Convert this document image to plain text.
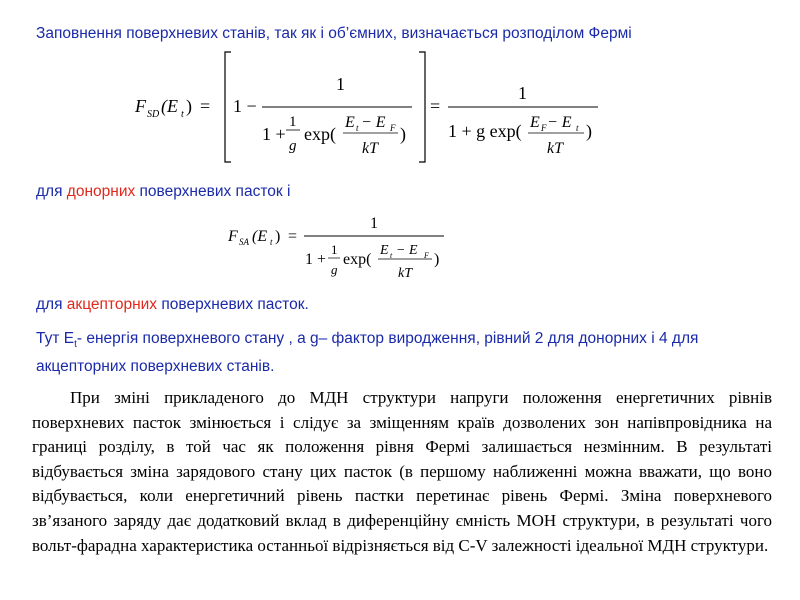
Заповнення поверхневих станів, так як і об’ємних, визначається розподілом Фермі
F SD (E t ) = 1 −
1
1 +
1
g
exp(
E t − E F
kT
)
=
1
1 + g exp( E F − E t
kT
)
для донорних поверхневих пасток і
F SA (E t ) =
1
1 +
1
g
exp(
E t − E F
kT
)
для акцепторних поверхневих пасток.
Тут $E_t-$ енергія поверхневого стану , а g– фактор виродження, рівний 2 для донорних і 4 для акцепторних поверхневих станів.
При зміні прикладеного до МДН структури напруги положення енергетичних рівнів поверхневих пасток змінюється і слідує за зміщенням країв дозволених зон напівпровідника на границі розділу, в той час як положення рівня Фермі залишається незмінним. В результаті відбувається зміна зарядового стану цих пасток (в першому наближенні можна вважати, що воно відбувається, коли енергетичний рівень пастки перетинає рівень Фермі. Зміна поверхневого зв’язаного заряду дає додатковий вклад в диференційну ємність МОН структури, в результаті чого вольт-фарадна характеристика останньої відрізняється від C-V залежності ідеальної МДН структури.
